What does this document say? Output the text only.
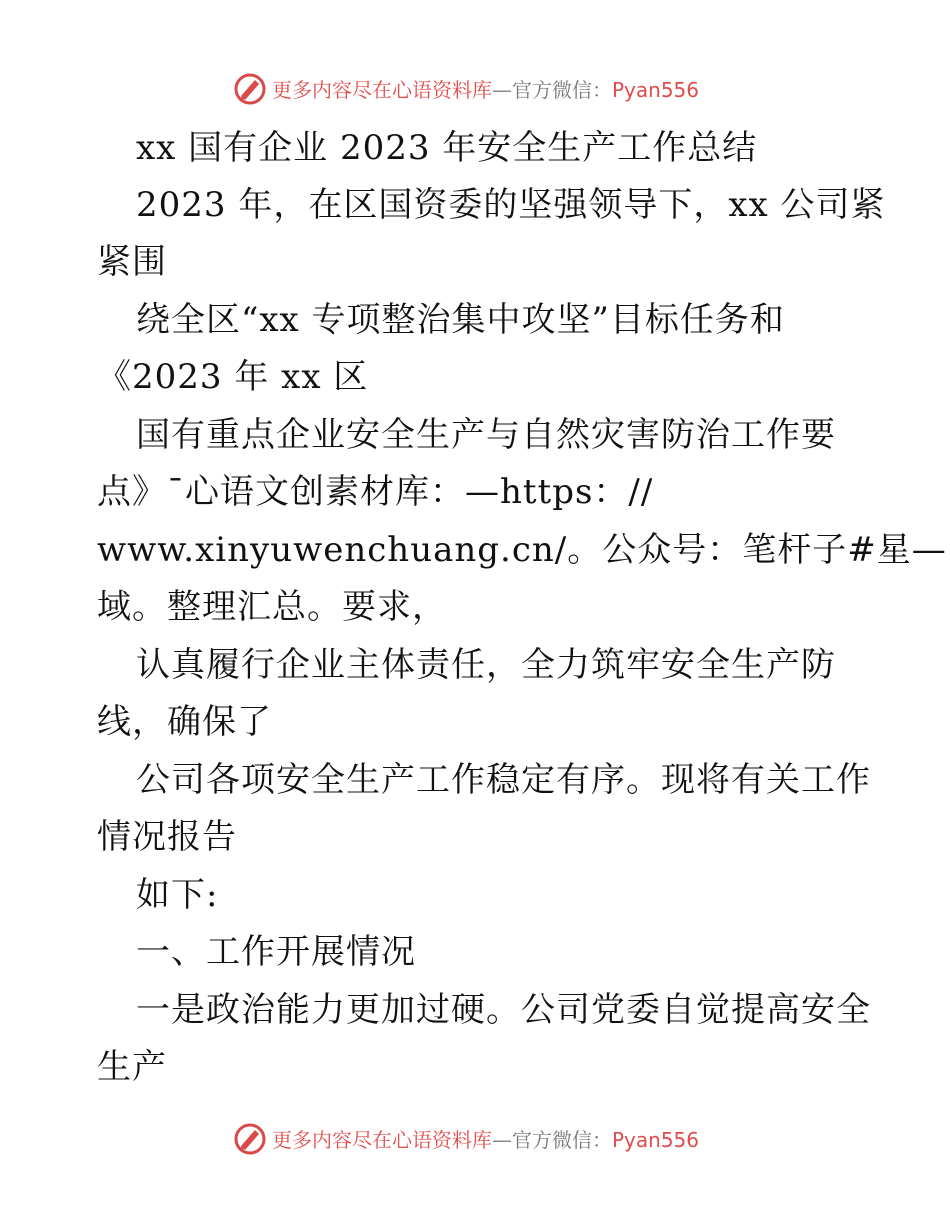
更多内容尽在心语资料库—官方微信：Pyan556
xx 国有企业 2023 年安全生产工作总结
2023 年，在区国资委的坚强领导下，xx 公司紧
紧围
绕全区“xx 专项整治集中攻坚”目标任务和
《2023 年 xx 区
国有重点企业安全生产与自然灾害防治工作要
点》¯心语文创素材库：—https：//
www.xinyuwenchuang.cn/。公众号：笔杆子#星—
域。整理汇总。要求，
认真履行企业主体责任，全力筑牢安全生产防
线，确保了
公司各项安全生产工作稳定有序。现将有关工作
情况报告
如下:
一、工作开展情况
一是政治能力更加过硬。公司党委自觉提高安全
生产
更多内容尽在心语资料库—官方微信：Pyan556
